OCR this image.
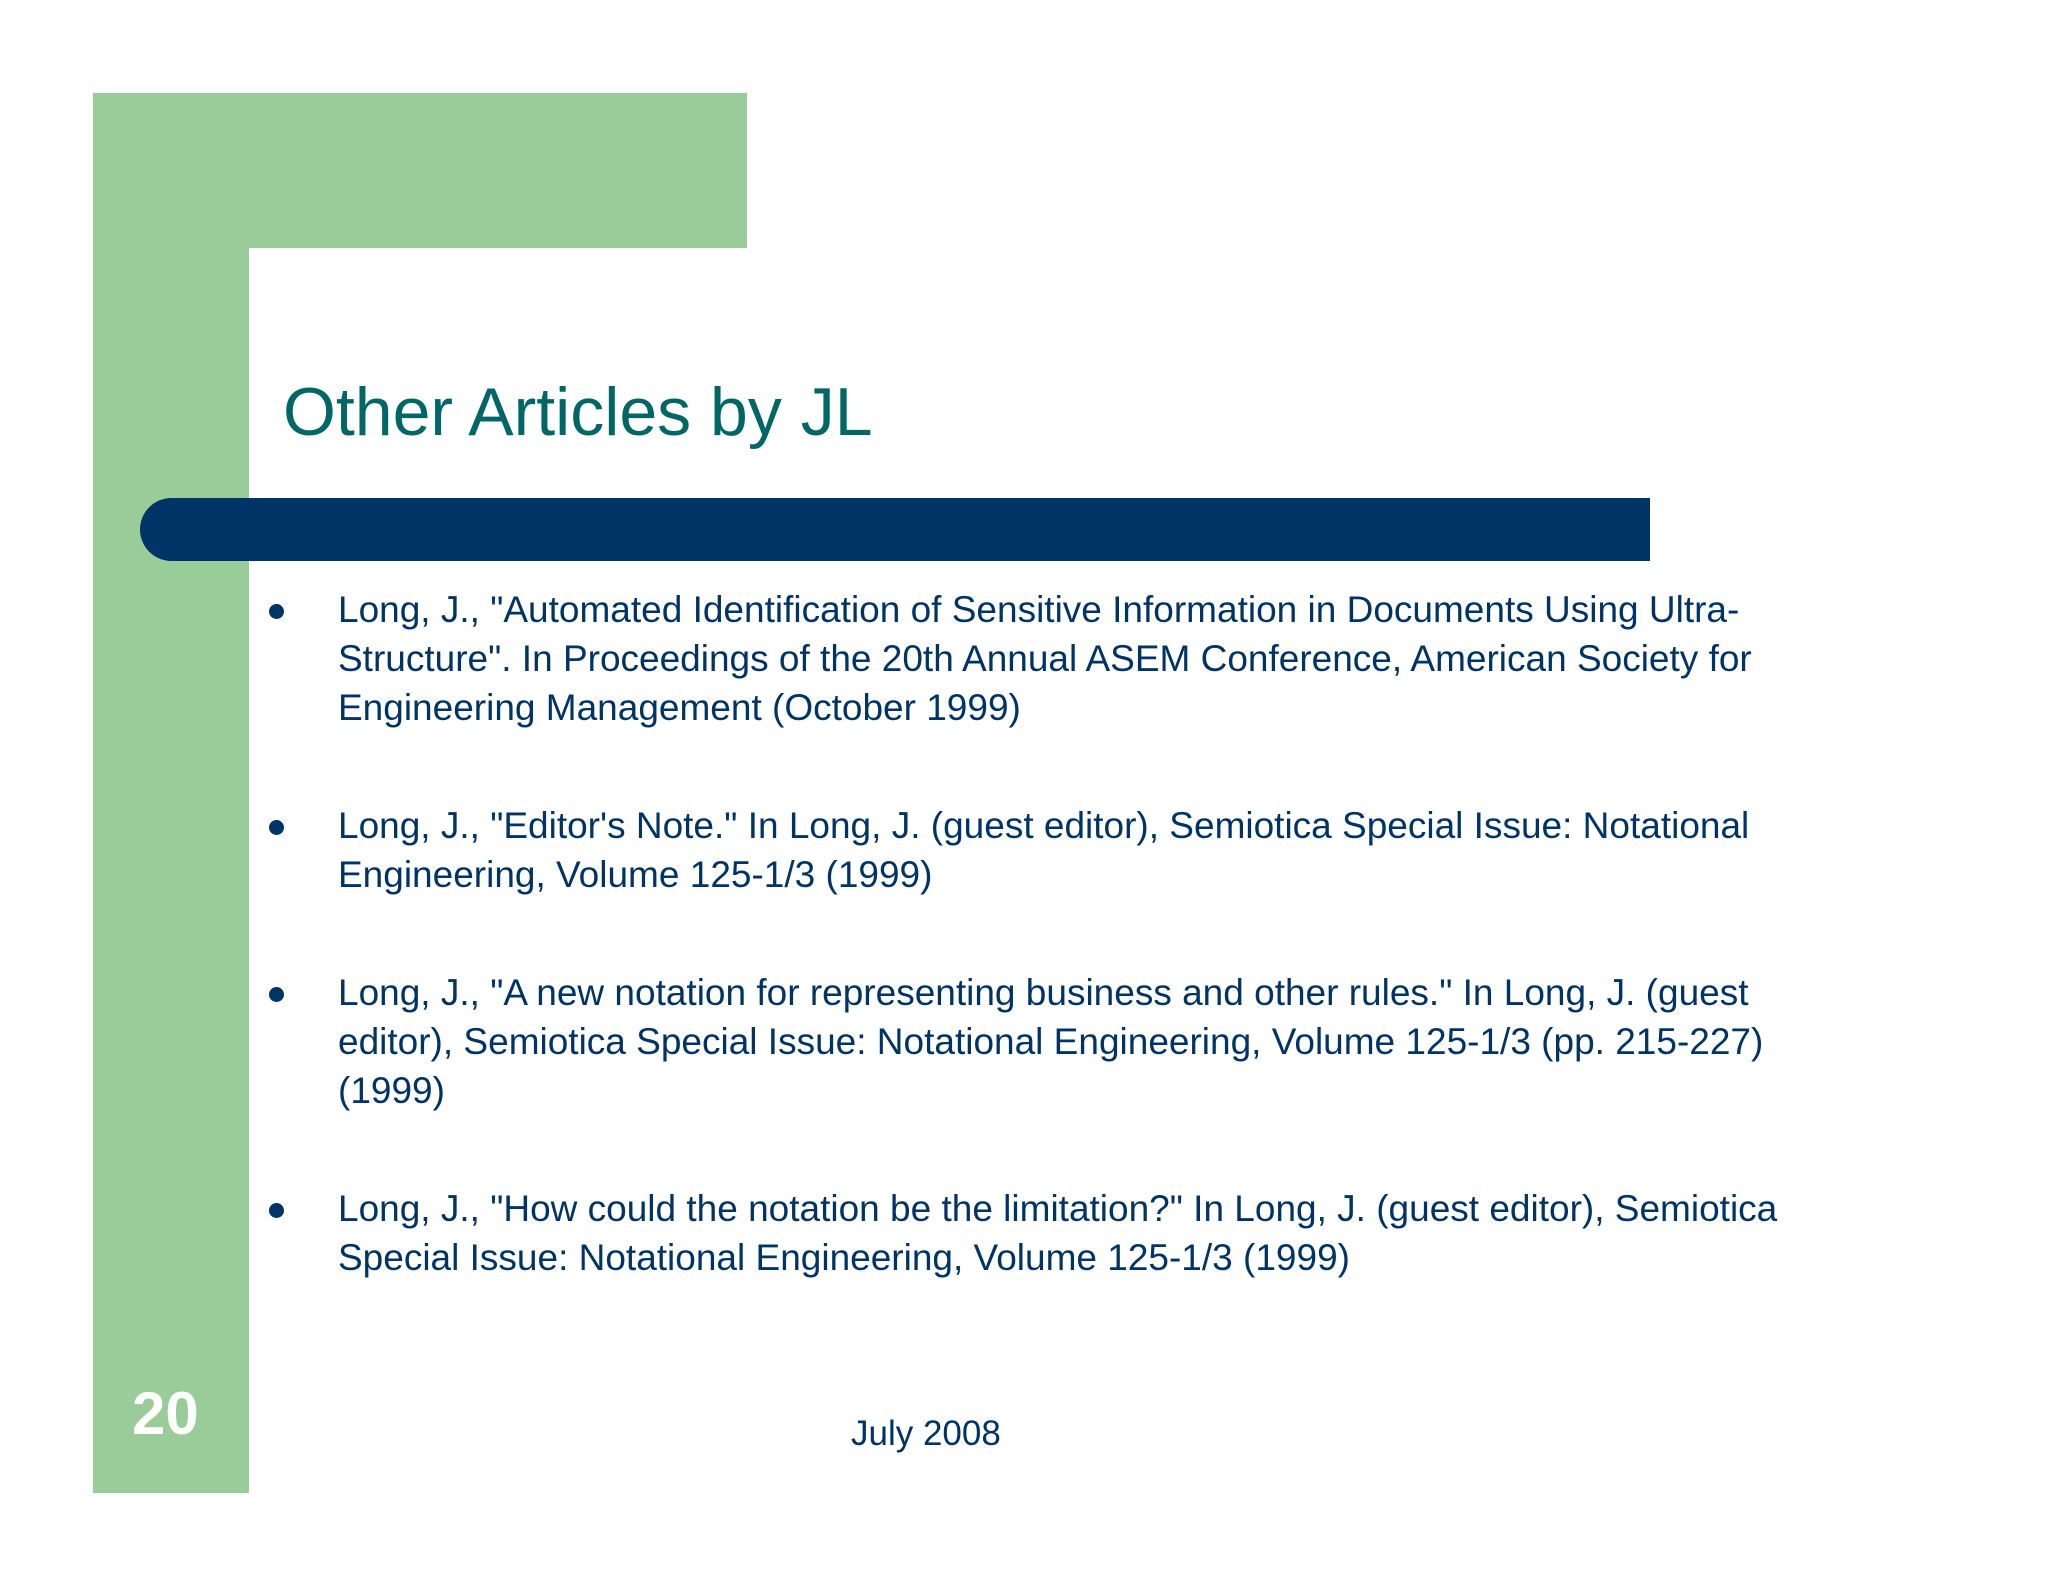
Other Articles by JL
Long, J., "Automated Identification of Sensitive Information in Documents Using Ultra-Structure". In Proceedings of the 20th Annual ASEM Conference, American Society for Engineering Management (October 1999)
Long, J., "Editor's Note." In Long, J. (guest editor), Semiotica Special Issue: Notational Engineering, Volume 125-1/3 (1999)
Long, J., "A new notation for representing business and other rules." In Long, J. (guest editor), Semiotica Special Issue: Notational Engineering, Volume 125-1/3 (pp. 215-227) (1999)
Long, J., "How could the notation be the limitation?" In Long, J. (guest editor), Semiotica Special Issue: Notational Engineering, Volume 125-1/3 (1999)
20	July 2008
